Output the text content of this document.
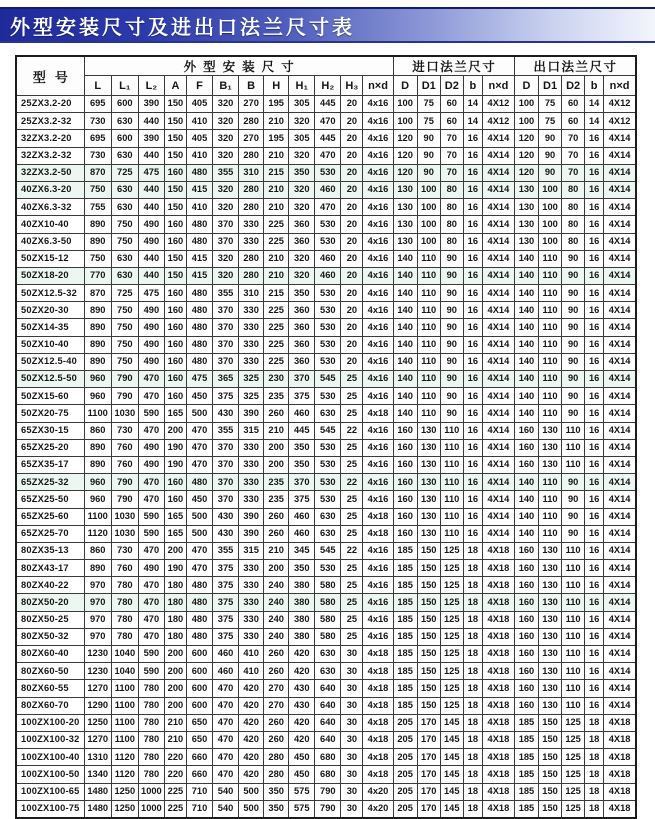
外型安装尺寸及进出口法兰尺寸表
型号	外型安装尺寸												进口法兰尺寸					出口法兰尺寸				
	L	L₁	L₂	A	F	B₁	B	H	H₁	H₂	H₃	n×d	D	D1	D2	b	n×d	D	D1	D2	b	n×d
25ZX3.2-20	695	600	390	150	405	320	270	195	305	445	20	4x16	100	75	60	14	4X12	100	75	60	14	4X12
25ZX3.2-32	730	630	440	150	410	320	280	210	320	470	20	4x16	100	75	60	14	4X12	100	75	60	14	4X12
32ZX3.2-20	695	600	390	150	405	320	270	195	305	445	20	4x16	120	90	70	16	4X14	120	90	70	16	4X14
32ZX3.2-32	730	630	440	150	410	320	280	210	320	470	20	4x16	120	90	70	16	4X14	120	90	70	16	4X14
32ZX3.2-50	870	725	475	160	480	355	310	215	350	530	20	4x16	120	90	70	16	4X14	120	90	70	16	4X14
40ZX6.3-20	750	630	440	150	415	320	280	210	320	460	20	4x16	130	100	80	16	4X14	130	100	80	16	4X14
40ZX6.3-32	755	630	440	150	410	320	280	210	320	470	20	4x16	130	100	80	16	4X14	130	100	80	16	4X14
40ZX10-40	890	750	490	160	480	370	330	225	360	530	20	4x16	130	100	80	16	4X14	130	100	80	16	4X14
40ZX6.3-50	890	750	490	160	480	370	330	225	360	530	20	4x16	130	100	80	16	4X14	130	100	80	16	4X14
50ZX15-12	750	630	440	150	415	320	280	210	320	460	20	4x16	140	110	90	16	4X14	140	110	90	16	4X14
50ZX18-20	770	630	440	150	415	320	280	210	320	460	20	4x16	140	110	90	16	4X14	140	110	90	16	4X14
50ZX12.5-32	870	725	475	160	480	355	310	215	350	530	20	4x16	140	110	90	16	4X14	140	110	90	16	4X14
50ZX20-30	890	750	490	160	480	370	330	225	360	530	20	4x16	140	110	90	16	4X14	140	110	90	16	4X14
50ZX14-35	890	750	490	160	480	370	330	225	360	530	20	4x16	140	110	90	16	4X14	140	110	90	16	4X14
50ZX10-40	890	750	490	160	480	370	330	225	360	530	20	4x16	140	110	90	16	4X14	140	110	90	16	4X14
50ZX12.5-40	890	750	490	160	480	370	330	225	360	530	20	4x16	140	110	90	16	4X14	140	110	90	16	4X14
50ZX12.5-50	960	790	470	160	475	365	325	230	370	545	25	4x16	140	110	90	16	4X14	140	110	90	16	4X14
50ZX15-60	960	790	470	160	450	375	325	235	375	530	25	4x16	140	110	90	16	4X14	140	110	90	16	4X14
50ZX20-75	1100	1030	590	165	500	430	390	260	460	630	25	4x18	140	110	90	16	4X14	140	110	90	16	4X14
65ZX30-15	860	730	470	200	470	355	315	210	445	545	22	4x16	160	130	110	16	4X14	160	130	110	16	4X14
65ZX25-20	890	760	490	190	470	370	330	200	350	530	25	4x16	160	130	110	16	4X14	160	130	110	16	4X14
65ZX35-17	890	760	490	190	470	370	330	200	350	530	25	4x16	160	130	110	16	4X14	160	130	110	16	4X14
65ZX25-32	960	790	470	160	480	370	330	235	370	530	22	4x16	160	130	110	16	4X14	140	110	90	16	4X14
65ZX25-50	960	790	470	160	450	370	330	235	375	530	25	4x16	160	130	110	16	4X14	140	110	90	16	4X14
65ZX25-60	1100	1030	590	165	500	430	390	260	460	630	25	4x18	160	130	110	16	4X14	140	110	90	16	4X14
65ZX25-70	1120	1030	590	165	500	430	390	260	460	630	25	4x18	160	130	110	16	4X14	140	110	90	16	4X14
80ZX35-13	860	730	470	200	470	355	315	210	345	545	22	4x16	185	150	125	18	4X18	160	130	110	16	4X14
80ZX43-17	890	760	490	190	470	375	330	200	350	530	25	4x16	185	150	125	18	4X18	160	130	110	16	4X14
80ZX40-22	970	780	470	180	480	375	330	240	380	580	25	4x16	185	150	125	18	4X18	160	130	110	16	4X14
80ZX50-20	970	780	470	180	480	375	330	240	380	580	25	4x16	185	150	125	18	4X18	160	130	110	16	4X14
80ZX50-25	970	780	470	180	480	375	330	240	380	580	25	4x16	185	150	125	18	4X18	160	130	110	16	4X14
80ZX50-32	970	780	470	180	480	375	330	240	380	580	25	4x16	185	150	125	18	4X18	160	130	110	16	4X14
80ZX60-40	1230	1040	590	200	600	460	410	260	420	630	30	4x18	185	150	125	18	4X18	160	130	110	16	4X14
80ZX60-50	1230	1040	590	200	600	460	410	260	420	630	30	4x18	185	150	125	18	4X18	160	130	110	16	4X14
80ZX60-55	1270	1100	780	200	600	470	420	270	430	640	30	4x18	185	150	125	18	4X18	160	130	110	16	4X14
80ZX60-70	1290	1100	780	200	600	470	420	270	430	640	30	4x18	185	150	125	18	4X18	160	130	110	16	4X14
100ZX100-20	1250	1100	780	210	650	470	420	260	420	640	30	4x18	205	170	145	18	4X18	185	150	125	18	4X18
100ZX100-32	1270	1100	780	210	650	470	420	260	420	640	30	4x18	205	170	145	18	4X18	185	150	125	18	4X18
100ZX100-40	1310	1120	780	220	660	470	420	280	450	680	30	4x18	205	170	145	18	4X18	185	150	125	18	4X18
100ZX100-50	1340	1120	780	220	660	470	420	280	450	680	30	4x18	205	170	145	18	4X18	185	150	125	18	4X18
100ZX100-65	1480	1250	1000	225	710	540	500	350	575	790	30	4x20	205	170	145	18	4X18	185	150	125	18	4X18
100ZX100-75	1480	1250	1000	225	710	540	500	350	575	790	30	4x20	205	170	145	18	4X18	185	150	125	18	4X18
